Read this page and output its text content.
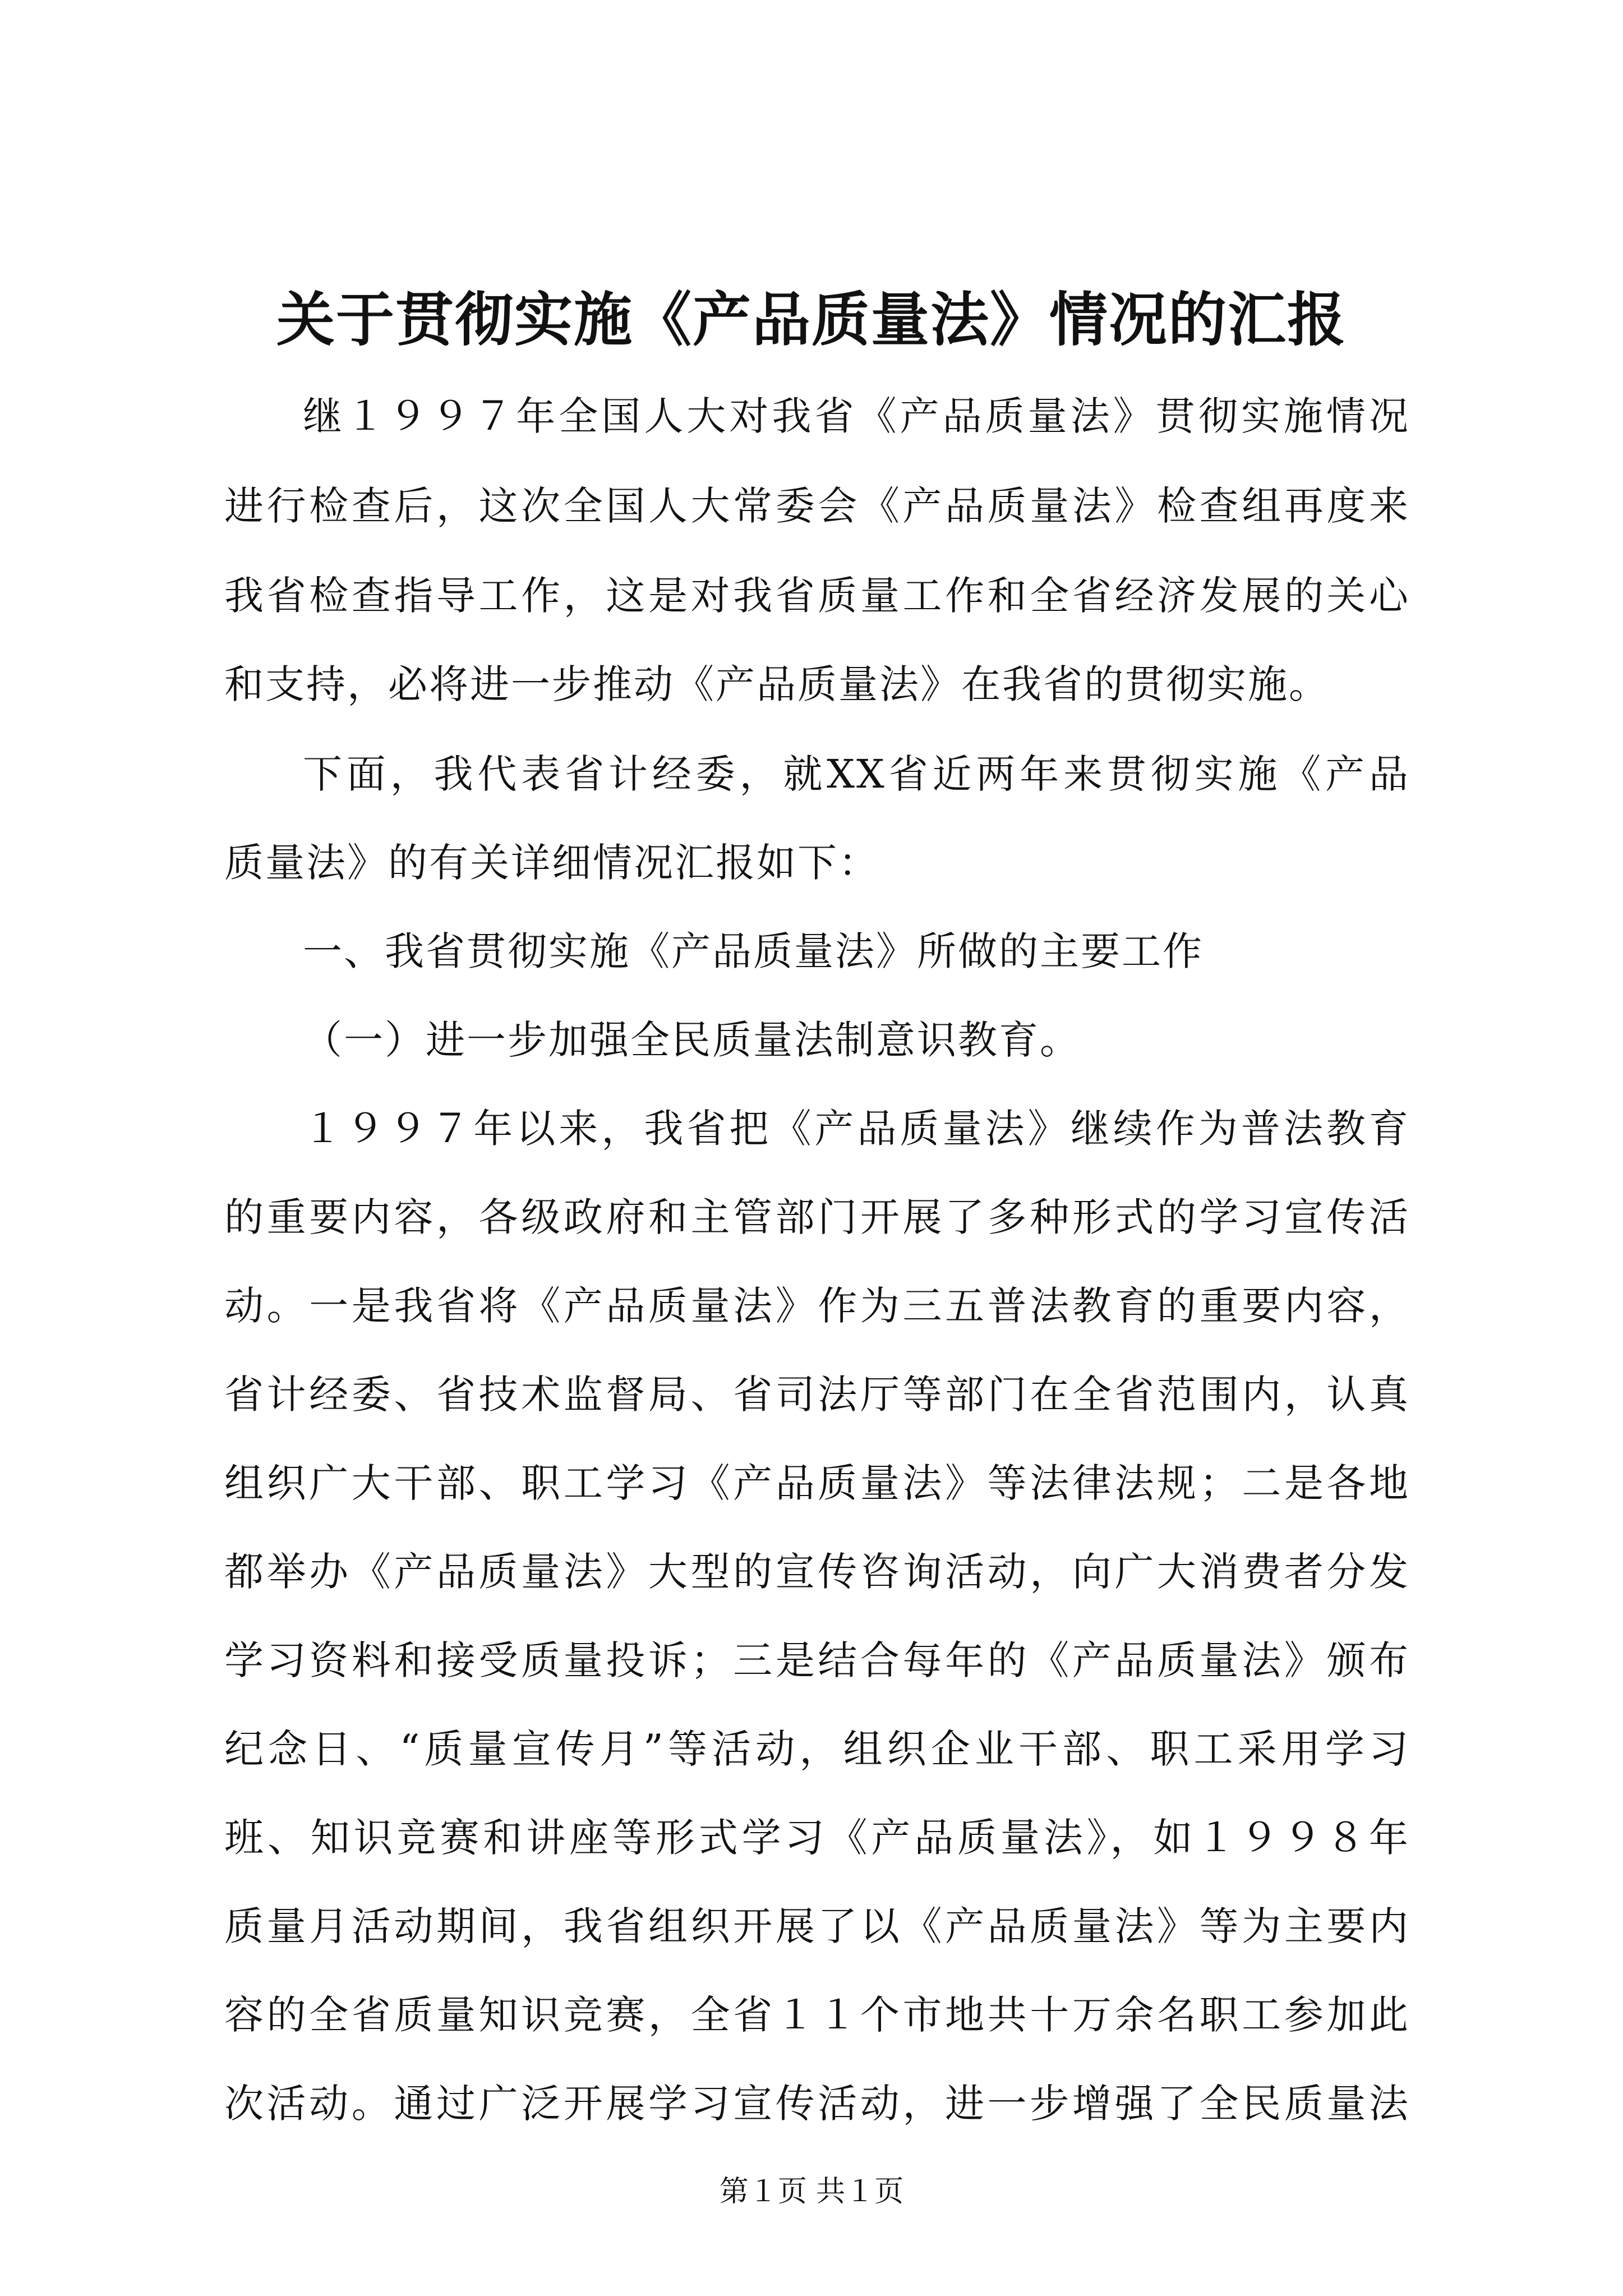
关于贯彻实施《产品质量法》情况的汇报
继１９９７年全国人大对我省《产品质量法》贯彻实施情况
进行检查后，这次全国人大常委会《产品质量法》检查组再度来
我省检查指导工作，这是对我省质量工作和全省经济发展的关心
和支持，必将进一步推动《产品质量法》在我省的贯彻实施。
下面，我代表省计经委，就XX省近两年来贯彻实施《产品
质量法》的有关详细情况汇报如下：
一、我省贯彻实施《产品质量法》所做的主要工作
（一）进一步加强全民质量法制意识教育。
１９９７年以来，我省把《产品质量法》继续作为普法教育
的重要内容，各级政府和主管部门开展了多种形式的学习宣传活
动。一是我省将《产品质量法》作为三五普法教育的重要内容，
省计经委、省技术监督局、省司法厅等部门在全省范围内，认真
组织广大干部、职工学习《产品质量法》等法律法规；二是各地
都举办《产品质量法》大型的宣传咨询活动，向广大消费者分发
学习资料和接受质量投诉；三是结合每年的《产品质量法》颁布
纪念日、“质量宣传月”等活动，组织企业干部、职工采用学习
班、知识竞赛和讲座等形式学习《产品质量法》，如１９９８年
质量月活动期间，我省组织开展了以《产品质量法》等为主要内
容的全省质量知识竞赛，全省１１个市地共十万余名职工参加此
次活动。通过广泛开展学习宣传活动，进一步增强了全民质量法
第１页 共１页
